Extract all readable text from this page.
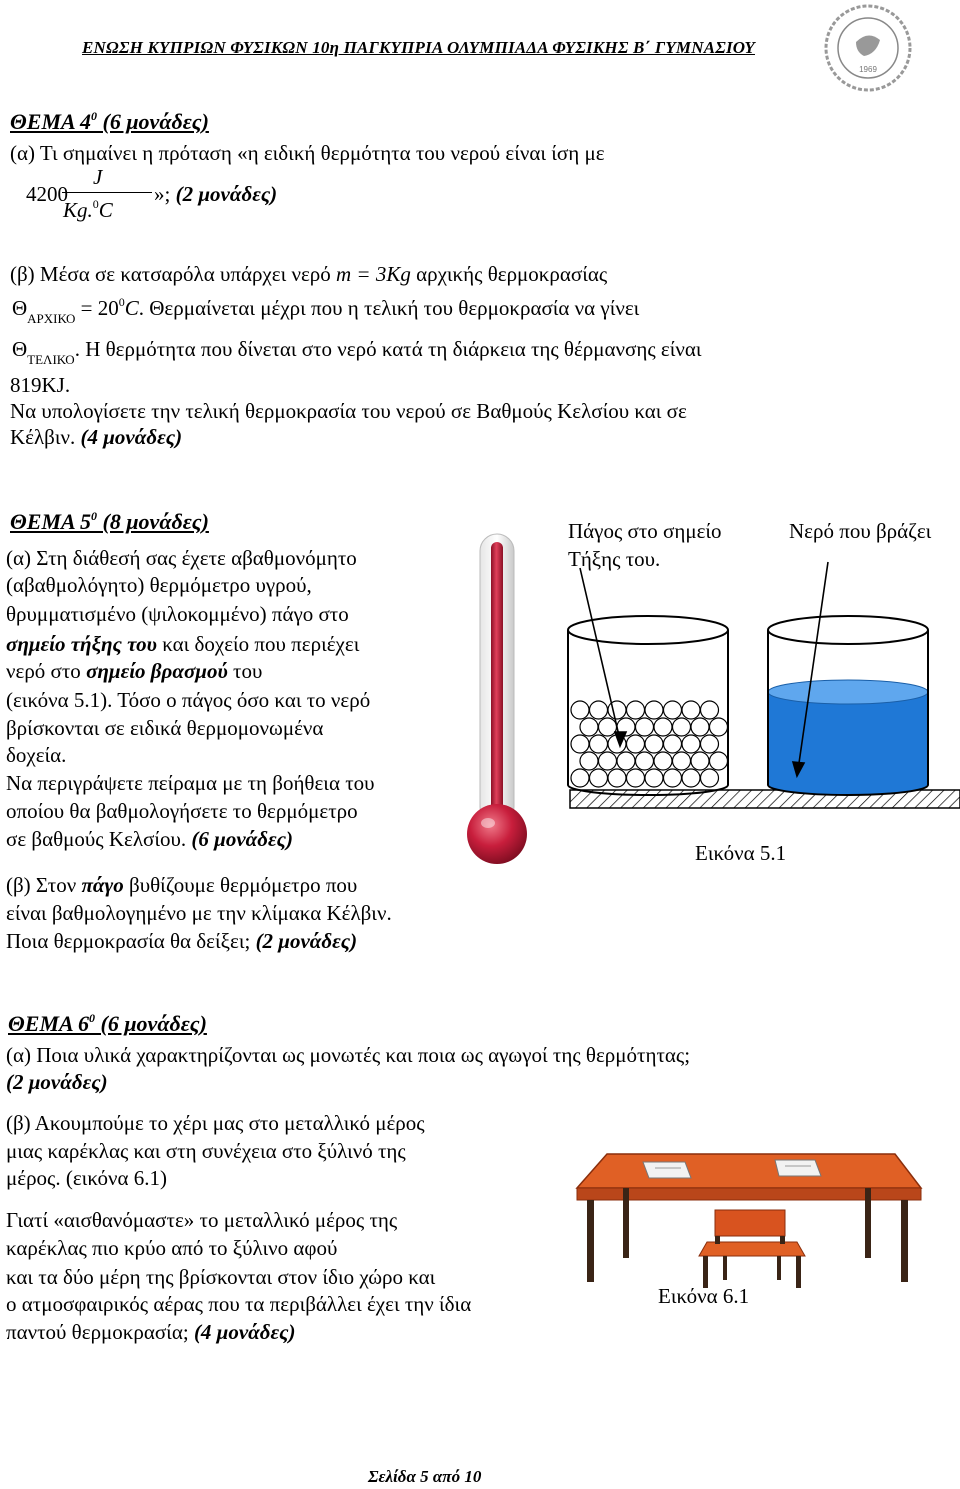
ΕΝΩΣΗ ΚΥΠΡΙΩΝ ΦΥΣΙΚΩΝ 10η ΠΑΓΚΥΠΡΙΑ ΟΛΥΜΠΙΑΔΑ ΦΥΣΙΚΗΣ Β΄ ΓΥΜΝΑΣΙΟΥ
1969
ΘΕΜΑ $4^0$ (6 μονάδες)
(α) Τι σημαίνει η πρόταση «η ειδική θερμότητα του νερού είναι ίση με
4200
J
Kg.$^0$C
»; (2 μονάδες)
(β) Μέσα σε κατσαρόλα υπάρχει νερό m = 3Kg αρχικής θερμοκρασίας
$\Theta_{APXIKO} = 20^0C$. Θερμαίνεται μέχρι που η τελική του θερμοκρασία να γίνει
$\Theta_{TE\Lambda IKO}$. Η θερμότητα που δίνεται στο νερό κατά τη διάρκεια της θέρμανσης είναι
819KJ.
Να υπολογίσετε την τελική θερμοκρασία του νερού σε Βαθμούς Κελσίου και σε
Κέλβιν. (4 μονάδες)
ΘΕΜΑ $5^0$ (8 μονάδες)
(α) Στη διάθεσή σας έχετε αβαθμονόμητο
(αβαθμολόγητο) θερμόμετρο υγρού,
θρυμματισμένο (ψιλοκομμένο) πάγο στο
σημείο τήξης του και δοχείο που περιέχει
νερό στο σημείο βρασμού του
(εικόνα 5.1). Τόσο ο πάγος όσο και το νερό
βρίσκονται σε ειδικά θερμομονωμένα
δοχεία.
Να περιγράψετε πείραμα με τη βοήθεια του
οποίου θα βαθμολογήσετε το θερμόμετρο
σε βαθμούς Κελσίου. (6 μονάδες)
(β) Στον πάγο βυθίζουμε θερμόμετρο που
είναι βαθμολογημένο με την κλίμακα Κέλβιν.
Ποια θερμοκρασία θα δείξει; (2 μονάδες)
Πάγος στο σημείο
Τήξης του.
Νερό που βράζει
Εικόνα 5.1
ΘΕΜΑ $6^0$ (6 μονάδες)
(α) Ποια υλικά χαρακτηρίζονται ως μονωτές και ποια ως αγωγοί της θερμότητας;
(2 μονάδες)
(β) Ακουμπούμε το χέρι μας στο μεταλλικό μέρος
μιας καρέκλας και στη συνέχεια στο ξύλινό της
μέρος. (εικόνα 6.1)
Γιατί «αισθανόμαστε» το μεταλλικό μέρος της
καρέκλας πιο κρύο από το ξύλινο αφού
και τα δύο μέρη της βρίσκονται στον ίδιο χώρο και
ο ατμοσφαιρικός αέρας που τα περιβάλλει έχει την ίδια
παντού θερμοκρασία; (4 μονάδες)
Εικόνα 6.1
Σελίδα 5 από 10
